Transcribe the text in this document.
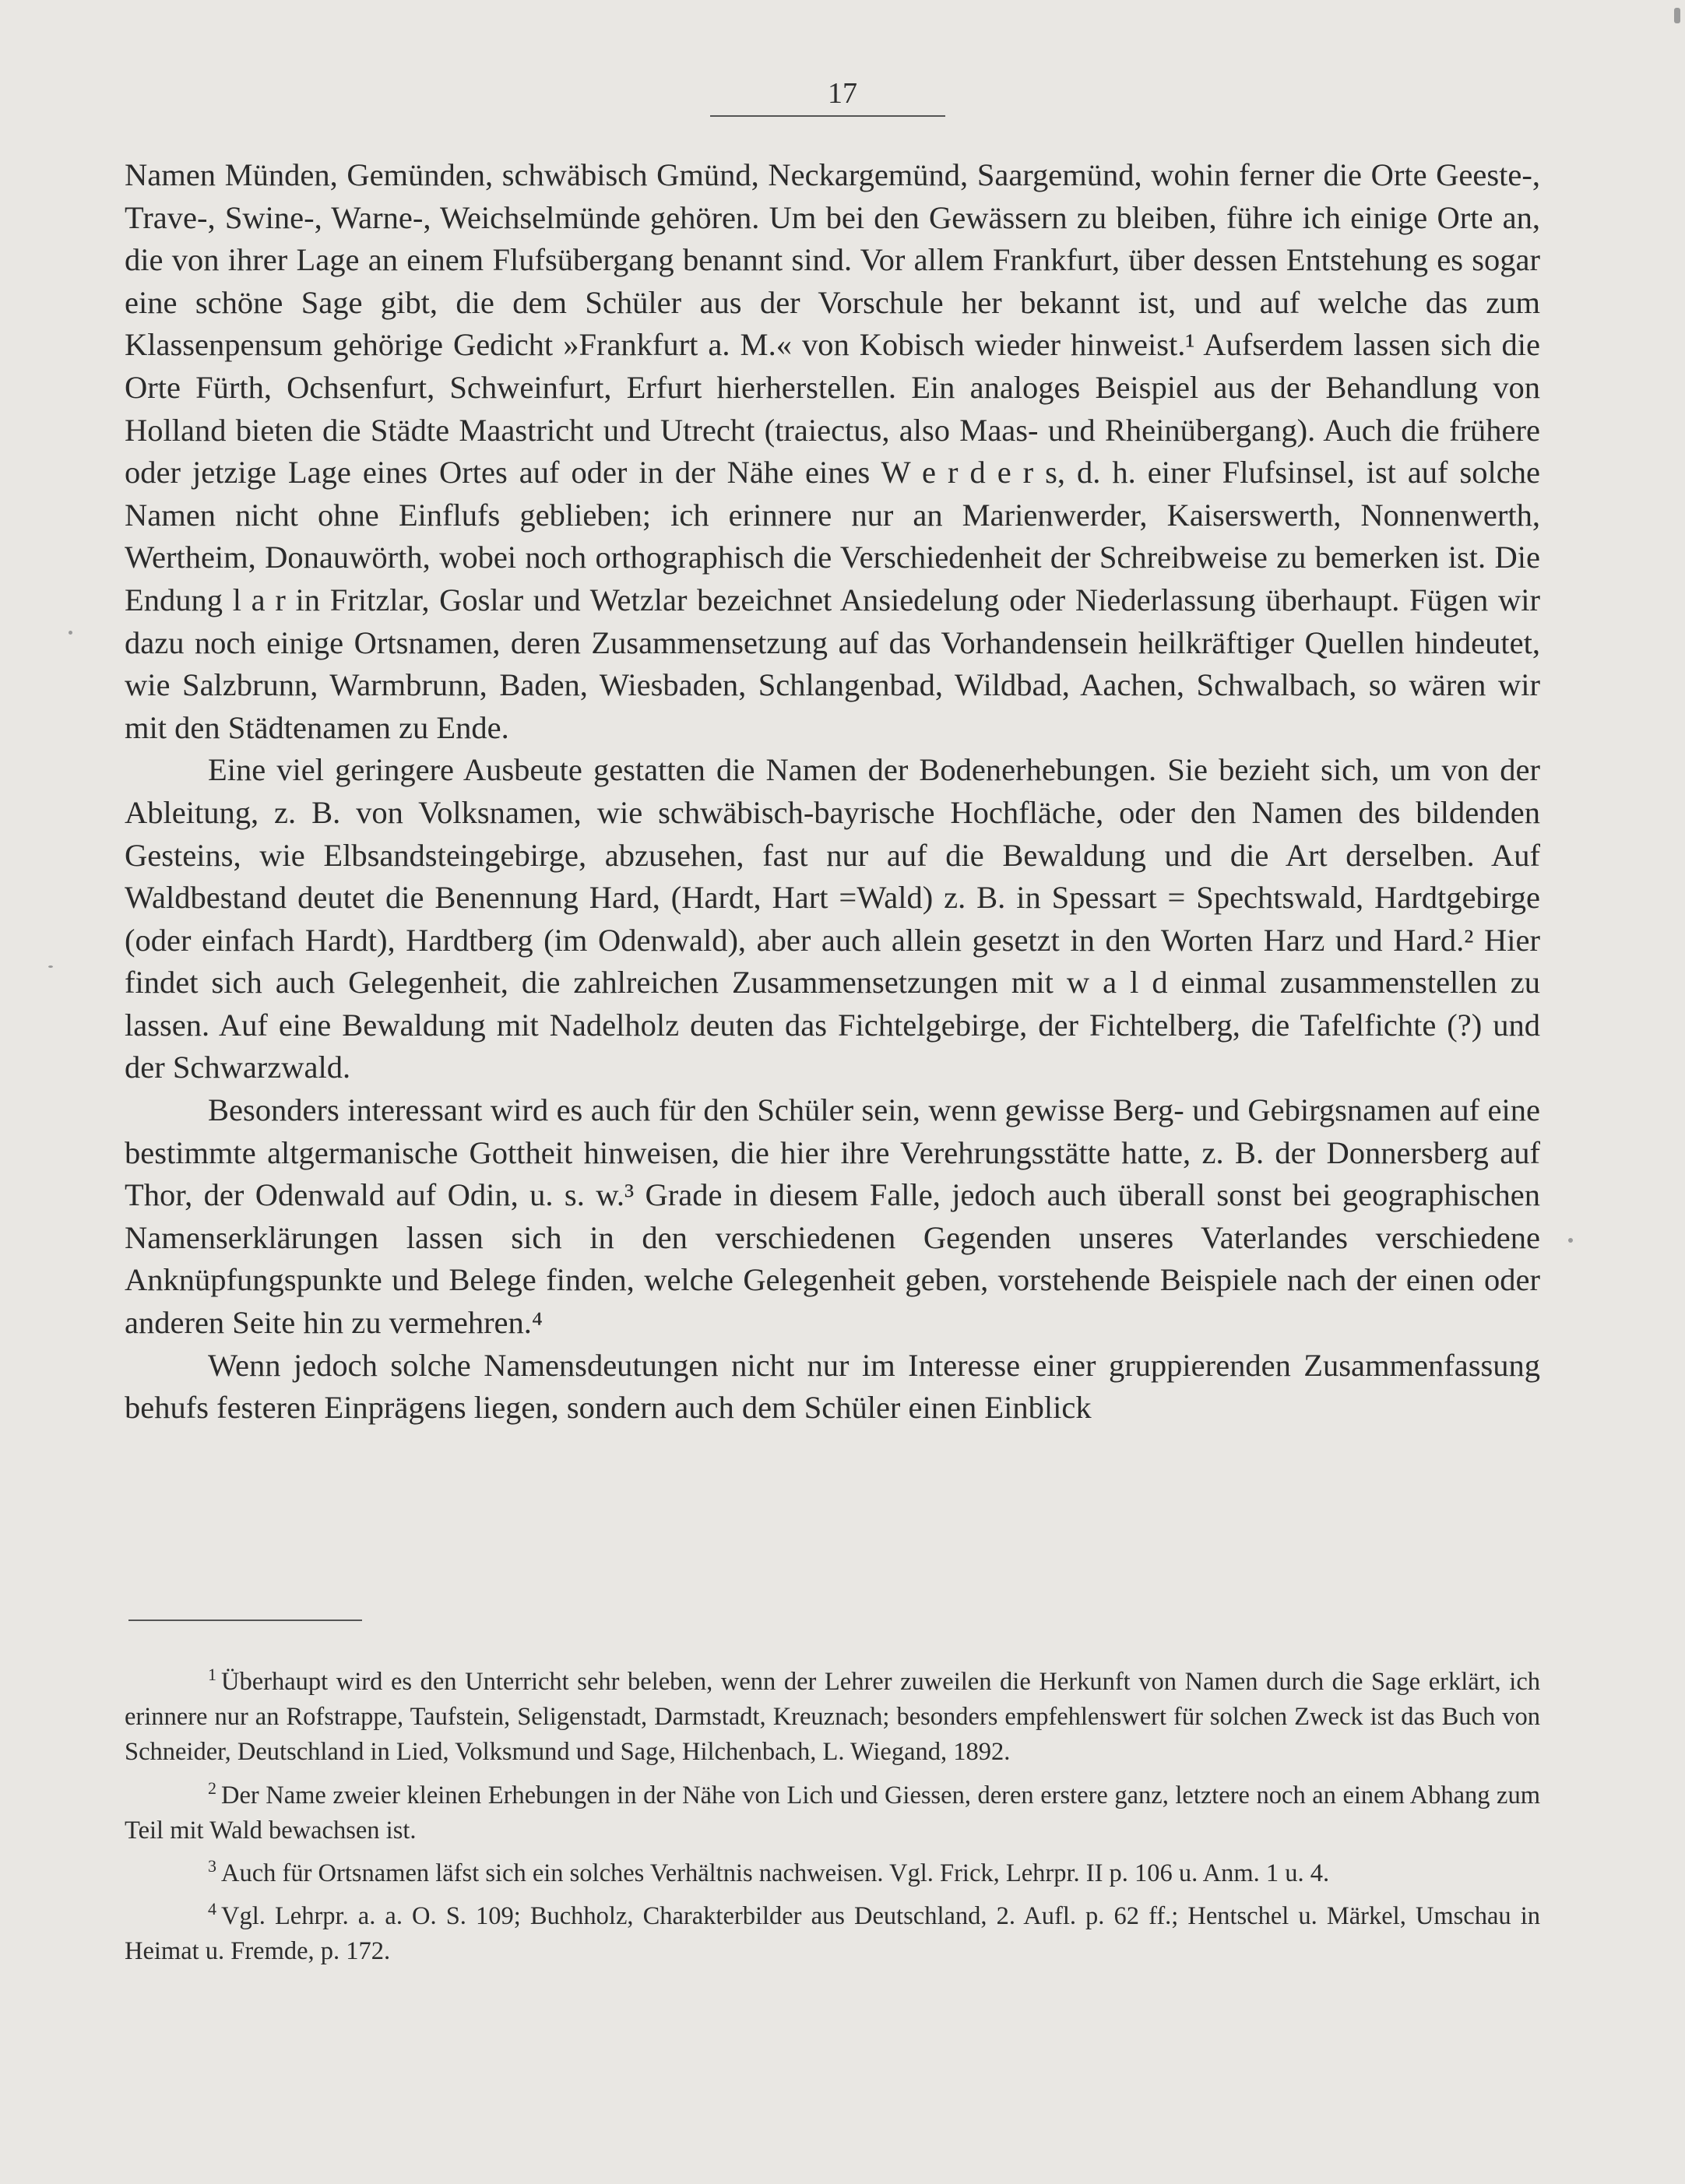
17

Namen Münden, Gemünden, schwäbisch Gmünd, Neckargemünd, Saargemünd, wohin ferner die Orte Geeste-, Trave-, Swine-, Warne-, Weichselmünde gehören. Um bei den Gewässern zu bleiben, führe ich einige Orte an, die von ihrer Lage an einem Flufsübergang benannt sind. Vor allem Frankfurt, über dessen Entstehung es sogar eine schöne Sage gibt, die dem Schüler aus der Vorschule her bekannt ist, und auf welche das zum Klassenpensum gehörige Gedicht »Frankfurt a. M.« von Kobisch wieder hinweist.¹ Aufserdem lassen sich die Orte Fürth, Ochsenfurt, Schweinfurt, Erfurt hierherstellen. Ein analoges Beispiel aus der Behandlung von Holland bieten die Städte Maastricht und Utrecht (traiectus, also Maas- und Rheinübergang). Auch die frühere oder jetzige Lage eines Ortes auf oder in der Nähe eines W e r d e r s, d. h. einer Flufsinsel, ist auf solche Namen nicht ohne Einflufs geblieben; ich erinnere nur an Marienwerder, Kaiserswerth, Nonnenwerth, Wertheim, Donauwörth, wobei noch orthographisch die Verschiedenheit der Schreibweise zu bemerken ist. Die Endung l a r in Fritzlar, Goslar und Wetzlar bezeichnet Ansiedelung oder Niederlassung überhaupt. Fügen wir dazu noch einige Ortsnamen, deren Zusammensetzung auf das Vorhandensein heilkräftiger Quellen hindeutet, wie Salzbrunn, Warmbrunn, Baden, Wiesbaden, Schlangenbad, Wildbad, Aachen, Schwalbach, so wären wir mit den Städtenamen zu Ende.

Eine viel geringere Ausbeute gestatten die Namen der Bodenerhebungen. Sie bezieht sich, um von der Ableitung, z. B. von Volksnamen, wie schwäbisch-bayrische Hochfläche, oder den Namen des bildenden Gesteins, wie Elbsandsteingebirge, abzusehen, fast nur auf die Bewaldung und die Art derselben. Auf Waldbestand deutet die Benennung Hard, (Hardt, Hart =Wald) z. B. in Spessart = Spechtswald, Hardtgebirge (oder einfach Hardt), Hardtberg (im Odenwald), aber auch allein gesetzt in den Worten Harz und Hard.² Hier findet sich auch Gelegenheit, die zahlreichen Zusammensetzungen mit w a l d einmal zusammenstellen zu lassen. Auf eine Bewaldung mit Nadelholz deuten das Fichtelgebirge, der Fichtelberg, die Tafelfichte (?) und der Schwarzwald.

Besonders interessant wird es auch für den Schüler sein, wenn gewisse Berg- und Gebirgsnamen auf eine bestimmte altgermanische Gottheit hinweisen, die hier ihre Verehrungsstätte hatte, z. B. der Donnersberg auf Thor, der Odenwald auf Odin, u. s. w.³ Grade in diesem Falle, jedoch auch überall sonst bei geographischen Namenserklärungen lassen sich in den verschiedenen Gegenden unseres Vaterlandes verschiedene Anknüpfungspunkte und Belege finden, welche Gelegenheit geben, vorstehende Beispiele nach der einen oder anderen Seite hin zu vermehren.⁴

Wenn jedoch solche Namensdeutungen nicht nur im Interesse einer gruppierenden Zusammenfassung behufs festeren Einprägens liegen, sondern auch dem Schüler einen Einblick

$^1$ Überhaupt wird es den Unterricht sehr beleben, wenn der Lehrer zuweilen die Herkunft von Namen durch die Sage erklärt, ich erinnere nur an Rofstrappe, Taufstein, Seligenstadt, Darmstadt, Kreuznach; besonders empfehlenswert für solchen Zweck ist das Buch von Schneider, Deutschland in Lied, Volksmund und Sage, Hilchenbach, L. Wiegand, 1892.

$^2$ Der Name zweier kleinen Erhebungen in der Nähe von Lich und Giessen, deren erstere ganz, letztere noch an einem Abhang zum Teil mit Wald bewachsen ist.

$^3$ Auch für Ortsnamen läfst sich ein solches Verhältnis nachweisen. Vgl. Frick, Lehrpr. II p. 106 u. Anm. 1 u. 4.

$^4$ Vgl. Lehrpr. a. a. O. S. 109; Buchholz, Charakterbilder aus Deutschland, 2. Aufl. p. 62 ff.; Hentschel u. Märkel, Umschau in Heimat u. Fremde, p. 172.
